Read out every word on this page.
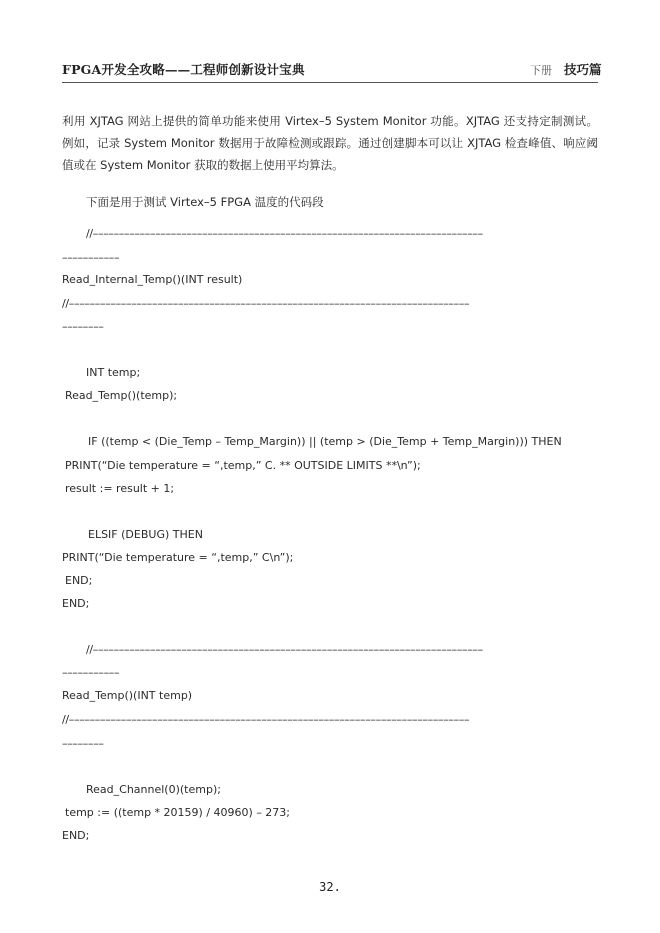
FPGA开发全攻略——工程师创新设计宝典	下册 技巧篇

利用 XJTAG 网站上提供的简单功能来使用 Virtex–5 System Monitor 功能。XJTAG 还支持定制测试。例如，记录 System Monitor 数据用于故障检测或跟踪。通过创建脚本可以让 XJTAG 检查峰值、响应阈值或在 System Monitor 获取的数据上使用平均算法。

下面是用于测试 Virtex–5 FPGA 温度的代码段

//–––––––––––––––––––––––––––––––––––––––––––––––––––––––––––––––––––––––––––

–––––––––––

Read_Internal_Temp()(INT result)

//–––––––––––––––––––––––––––––––––––––––––––––––––––––––––––––––––––––––––––––

––––––––

INT temp;

Read_Temp()(temp);

IF ((temp < (Die_Temp – Temp_Margin)) || (temp > (Die_Temp + Temp_Margin))) THEN

PRINT(“Die temperature = “,temp,” C. ** OUTSIDE LIMITS **\n”);

result := result + 1;

ELSIF (DEBUG) THEN

PRINT(“Die temperature = “,temp,” C\n”);

END;

END;

//–––––––––––––––––––––––––––––––––––––––––––––––––––––––––––––––––––––––––––

–––––––––––

Read_Temp()(INT temp)

//–––––––––––––––––––––––––––––––––––––––––––––––––––––––––––––––––––––––––––––

––––––––

Read_Channel(0)(temp);

temp := ((temp * 20159) / 40960) – 273;

END;

32.
